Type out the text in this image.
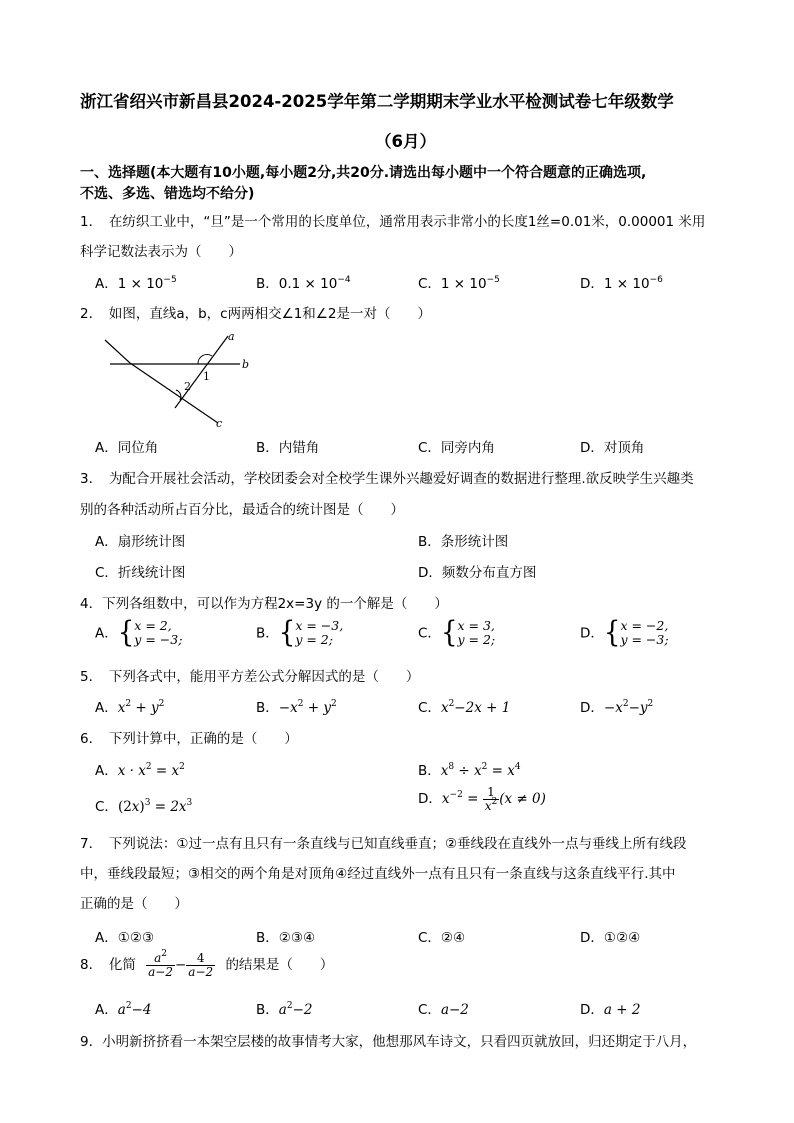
浙江省绍兴市新昌县2024-2025学年第二学期期末学业水平检测试卷七年级数学
（6月）
一、选择题(本大题有10小题,每小题2分,共20分.请选出每小题中一个符合题意的正确选项,
不选、多选、错选均不给分)
1．　在纺织工业中，“旦”是一个常用的长度单位，通常用表示非常小的长度1丝=0.01米，0.00001 米用
科学记数法表示为（　　）
A．$1 \times 10^{-5}$	B．$0.1 \times 10^{-4}$	C．$1 \times 10^{-5}$	D．$1 \times 10^{-6}$
2．　如图，直线a，b，c两两相交∠1和∠2是一对（　　）
a
b
c
1
2
A．同位角	B．内错角	C．同旁内角	D．对顶角
3．　为配合开展社会活动，学校团委会对全校学生课外兴趣爱好调查的数据进行整理.欲反映学生兴趣类
别的各种活动所占百分比，最适合的统计图是（　　）
A．扇形统计图	B．条形统计图
C．折线统计图	D．频数分布直方图
4．下列各组数中，可以作为方程2x=3y 的一个解是（　　）
A．{ x = 2,
y = −3;	B．{ x = −3,
y = 2;	C．{ x = 3,
y = 2;	D．{ x = −2,
y = −3;
5．　下列各式中，能用平方差公式分解因式的是（　　）
A．$x^2 + y^2$	B．$-x^2 + y^2$	C．$x^2-2x + 1$	D．$-x^2-y^2$
6．　下列计算中，正确的是（　　）
A．$x \cdot x^2 = x^2$	B．$x^8 \div x^2 = x^4$
C．$(2x)^3 = 2x^3$	D．$x^{-2} = \frac{1}{x^2} (x \ne 0)$
7．　下列说法：①过一点有且只有一条直线与已知直线垂直；②垂线段在直线外一点与垂线上所有线段
中，垂线段最短；③相交的两个角是对顶角④经过直线外一点有且只有一条直线与这条直线平行.其中
正确的是（　　）
A．①②③	B．②③④	C．②④	D．①②④
8．　化简 $\frac{a^2}{a-2} - \frac{4}{a-2}$ 的结果是（　　）
A．$a^2-4$	B．$a^2-2$	C．a−2	D．a + 2
9．小明新挤挤看一本架空层楼的故事情考大家，他想那风车诗文，只看四页就放回，归还期定于八月，
